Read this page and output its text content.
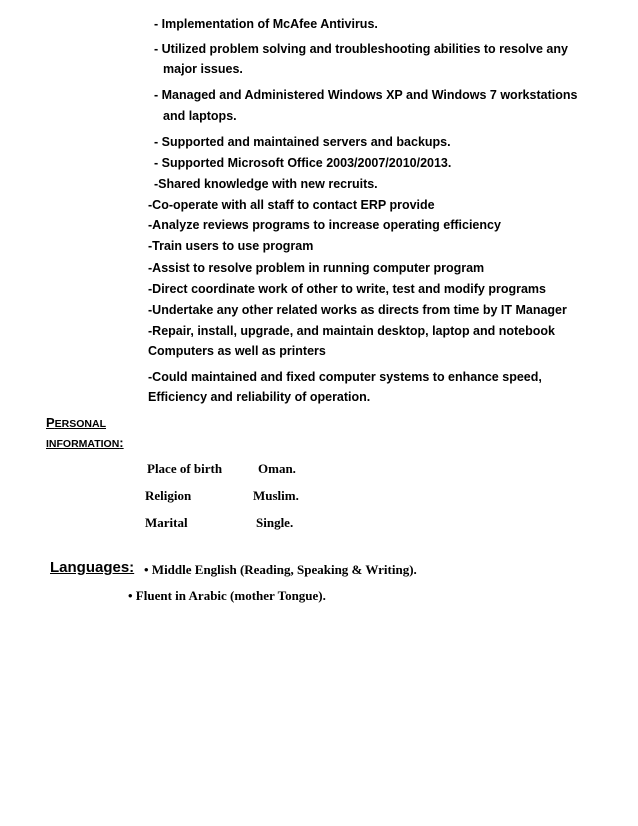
- Implementation of McAfee Antivirus.
- Utilized problem solving and troubleshooting abilities to resolve any
major issues.
- Managed and Administered Windows XP and Windows 7 workstations
and laptops.
- Supported and maintained servers and backups.
- Supported Microsoft Office 2003/2007/2010/2013.
-Shared knowledge with new recruits.
-Co-operate with all staff to contact ERP provide
-Analyze reviews programs to increase operating efficiency
-Train users to use program
-Assist to resolve problem in running computer program
-Direct coordinate work of other to write, test and modify programs
-Undertake any other related works as directs from time by IT Manager
-Repair, install, upgrade, and maintain desktop, laptop and notebook
Computers as well as printers
-Could maintained and fixed computer systems to enhance speed,
Efficiency and reliability of operation.
PERSONAL
INFORMATION:
Place of birth	Oman.
Religion	Muslim.
Marital	Single.
Languages: • Middle English (Reading, Speaking & Writing).
• Fluent in Arabic (mother Tongue).
